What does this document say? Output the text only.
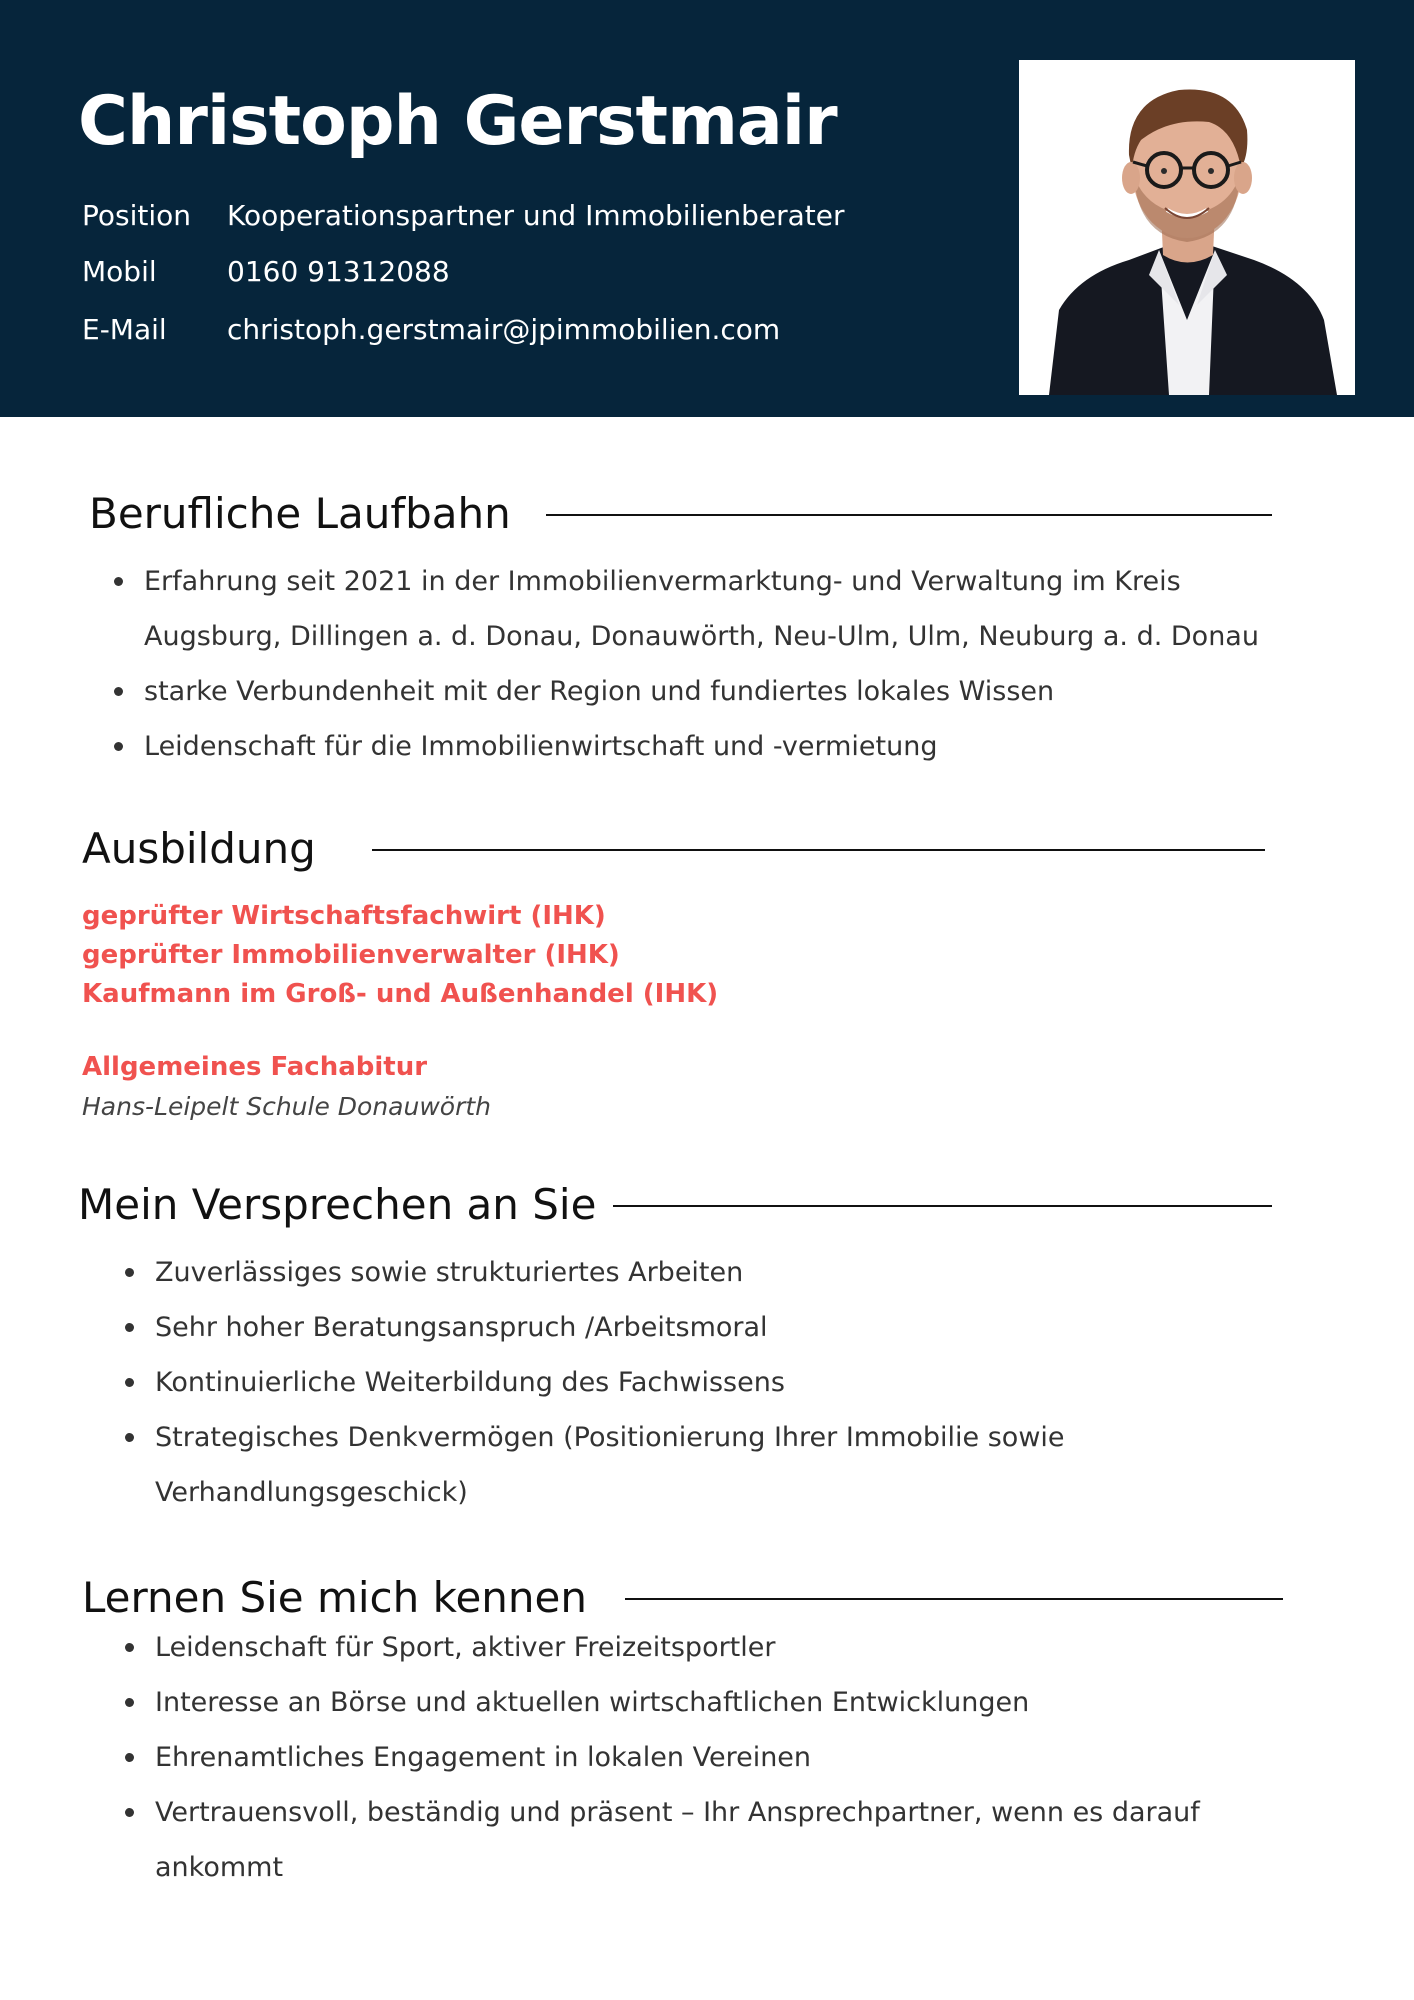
Christoph Gerstmair
Position Kooperationspartner und Immobilienberater
Mobil	0160 91312088
E-Mail christoph.gerstmair@jpimmobilien.com
Berufliche Laufbahn
Erfahrung seit 2021 in der Immobilienvermarktung- und Verwaltung im Kreis Augsburg, Dillingen a. d. Donau, Donauwörth, Neu-Ulm, Ulm, Neuburg a. d. Donau
starke Verbundenheit mit der Region und fundiertes lokales Wissen
Leidenschaft für die Immobilienwirtschaft und -vermietung
Ausbildung

geprüfter Wirtschaftsfachwirt (IHK)

geprüfter Immobilienverwalter (IHK)

Kaufmann im Groß- und Außenhandel (IHK)

Allgemeines Fachabitur

Hans-Leipelt Schule Donauwörth

Mein Versprechen an Sie
Zuverlässiges sowie strukturiertes Arbeiten
Sehr hoher Beratungsanspruch /Arbeitsmoral
Kontinuierliche Weiterbildung des Fachwissens
Strategisches Denkvermögen (Positionierung Ihrer Immobilie sowie Verhandlungsgeschick)
Lernen Sie mich kennen
Leidenschaft für Sport, aktiver Freizeitsportler
Interesse an Börse und aktuellen wirtschaftlichen Entwicklungen
Ehrenamtliches Engagement in lokalen Vereinen
Vertrauensvoll, beständig und präsent – Ihr Ansprechpartner, wenn es darauf ankommt
